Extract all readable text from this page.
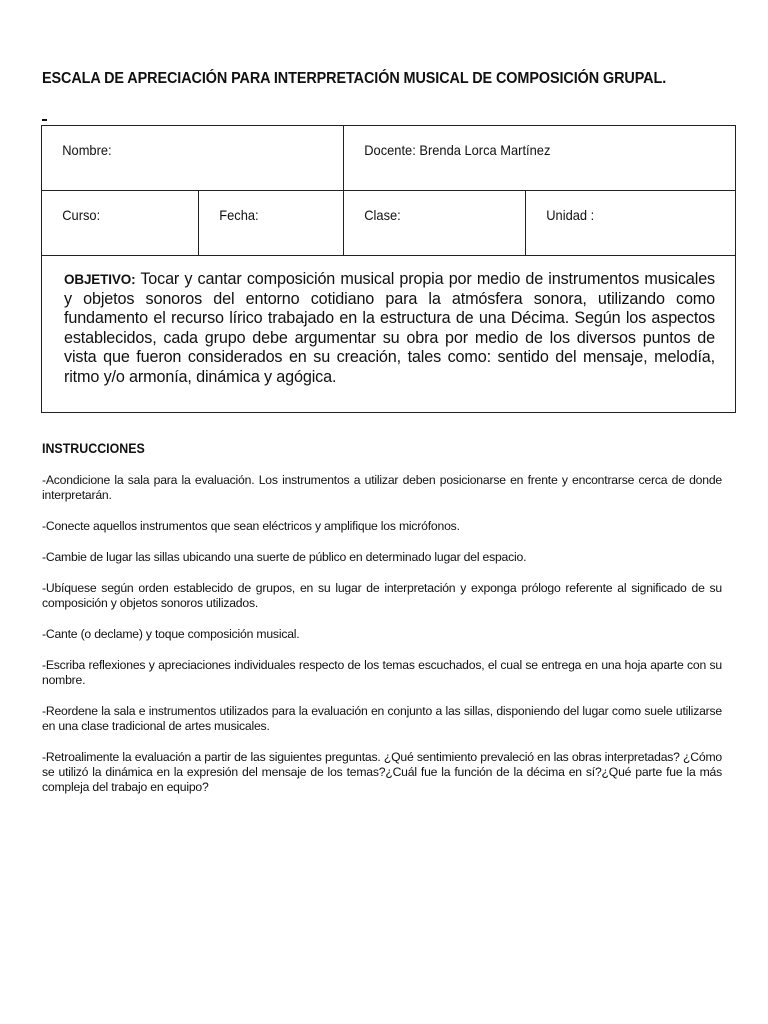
ESCALA DE APRECIACIÓN PARA INTERPRETACIÓN MUSICAL DE COMPOSICIÓN GRUPAL.
Nombre:		Docente: Brenda Lorca Martínez	

Curso:	Fecha:	Clase:	Unidad :

OBJETIVO: Tocar y cantar composición musical propia por medio de instrumentos musicales y objetos sonoros del entorno cotidiano para la atmósfera sonora, utilizando como fundamento el recurso lírico trabajado en la estructura de una Décima. Según los aspectos establecidos, cada grupo debe argumentar su obra por medio de los diversos puntos de vista que fueron considerados en su creación, tales como: sentido del mensaje, melodía, ritmo y/o armonía, dinámica y agógica.			
INSTRUCCIONES

-Acondicione la sala para la evaluación. Los instrumentos a utilizar deben posicionarse en frente y encontrarse cerca de donde interpretarán.

-Conecte aquellos instrumentos que sean eléctricos y amplifique los micrófonos.

-Cambie de lugar las sillas ubicando una suerte de público en determinado lugar del espacio.

-Ubíquese según orden establecido de grupos, en su lugar de interpretación y exponga prólogo referente al significado de su composición y objetos sonoros utilizados.

-Cante (o declame) y toque composición musical.

-Escriba reflexiones y apreciaciones individuales respecto de los temas escuchados, el cual se entrega en una hoja aparte con su nombre.

-Reordene la sala e instrumentos utilizados para la evaluación en conjunto a las sillas, disponiendo del lugar como suele utilizarse en una clase tradicional de artes musicales.

-Retroalimente la evaluación a partir de las siguientes preguntas. ¿Qué sentimiento prevaleció en las obras interpretadas? ¿Cómo se utilizó la dinámica en la expresión del mensaje de los temas?¿Cuál fue la función de la décima en sí?¿Qué parte fue la más compleja del trabajo en equipo?
